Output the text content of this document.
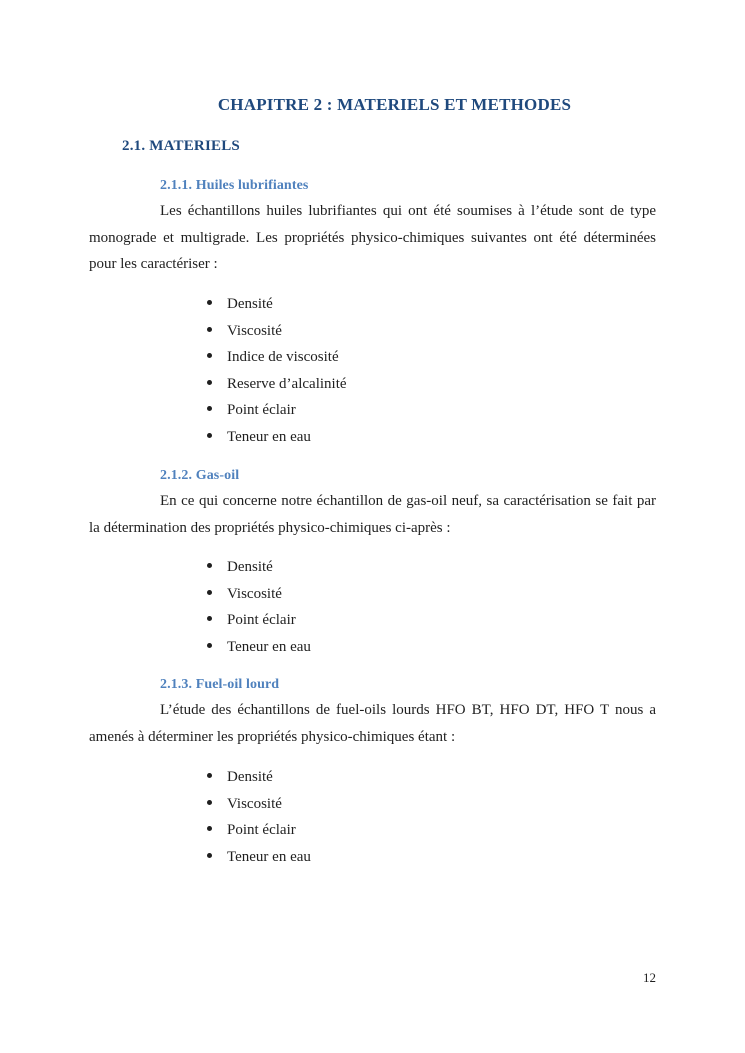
CHAPITRE 2 : MATERIELS ET METHODES
2.1. MATERIELS
2.1.1. Huiles lubrifiantes

Les échantillons huiles lubrifiantes qui ont été soumises à l’étude sont de type monograde et multigrade. Les propriétés physico-chimiques suivantes ont été déterminées pour les caractériser :

Densité
Viscosité
Indice de viscosité
Reserve d’alcalinité
Point éclair
Teneur en eau
2.1.2. Gas-oil

En ce qui concerne notre échantillon de gas-oil neuf, sa caractérisation se fait par la détermination des propriétés physico-chimiques ci-après :

Densité
Viscosité
Point éclair
Teneur en eau
2.1.3. Fuel-oil lourd

L’étude des échantillons de fuel-oils lourds HFO BT, HFO DT, HFO T nous a amenés à déterminer les propriétés physico-chimiques étant :

Densité
Viscosité
Point éclair
Teneur en eau
12
